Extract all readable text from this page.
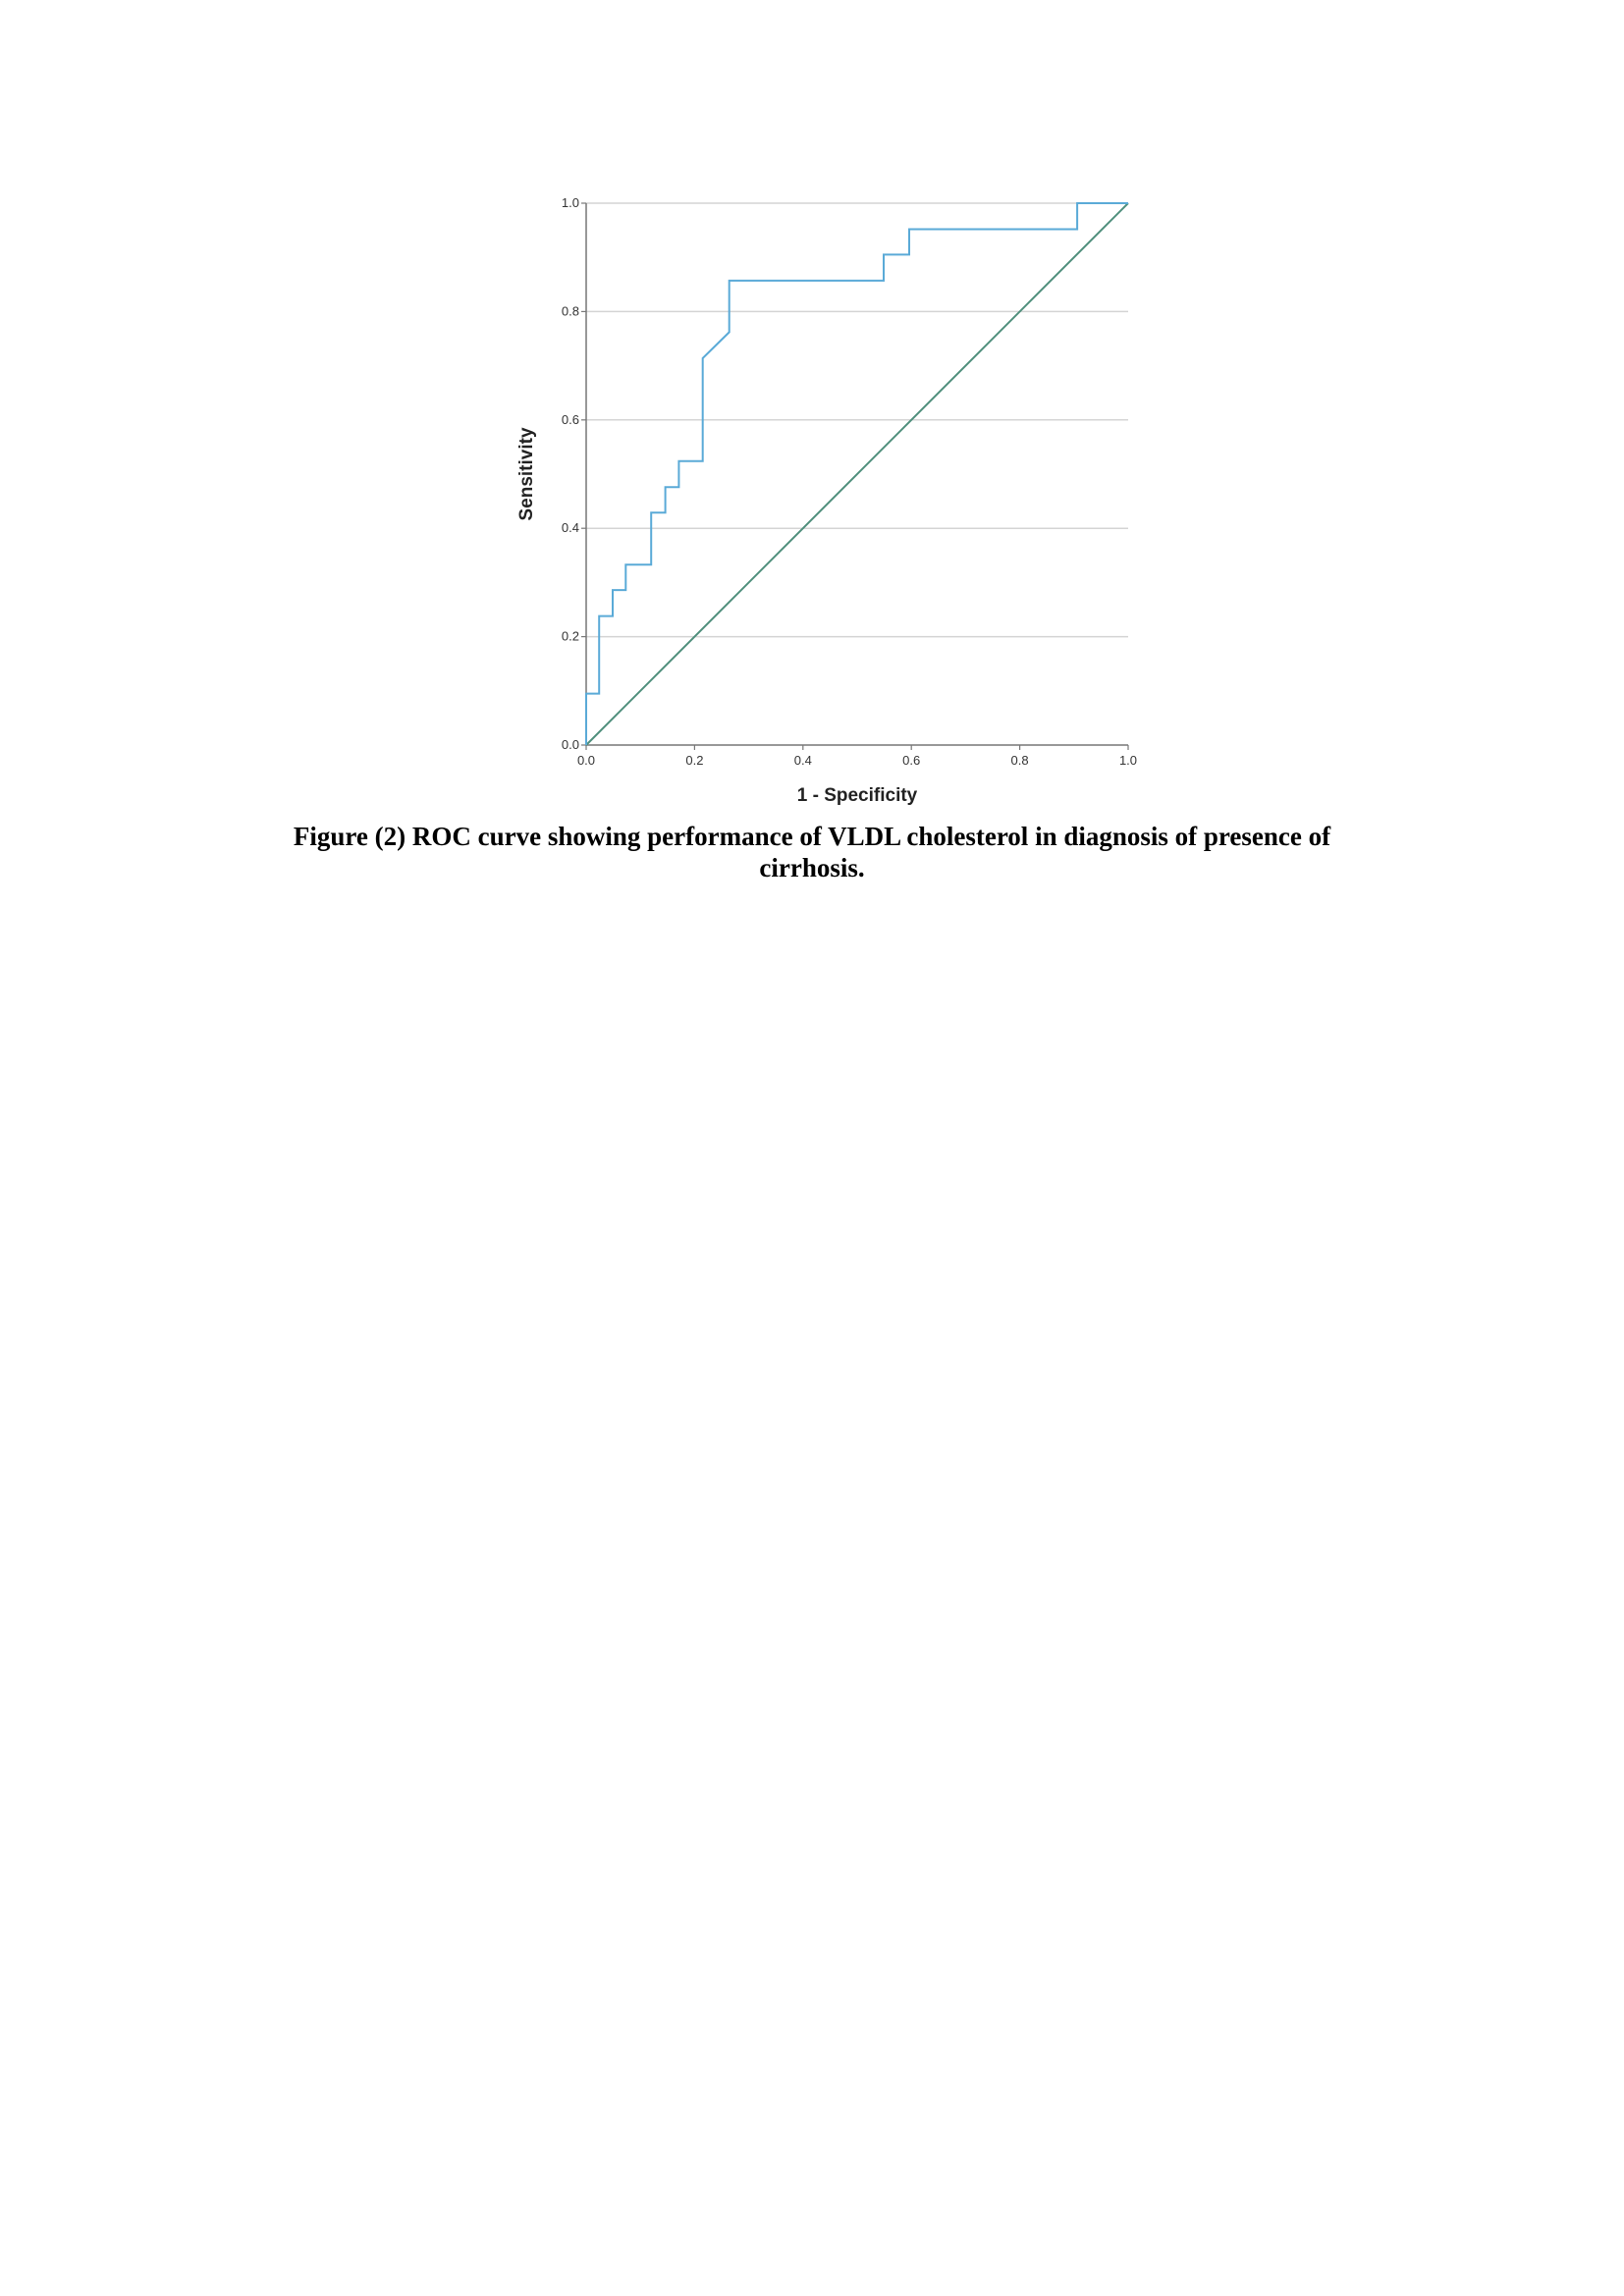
0.0
0.2
0.4
0.6
0.8
1.0
0.0	0.2	0.4	0.6	0.8	1.0
1 - Specificity
Sensitivity

Figure (2) ROC curve showing performance of VLDL cholesterol in diagnosis of presence of
cirrhosis.
